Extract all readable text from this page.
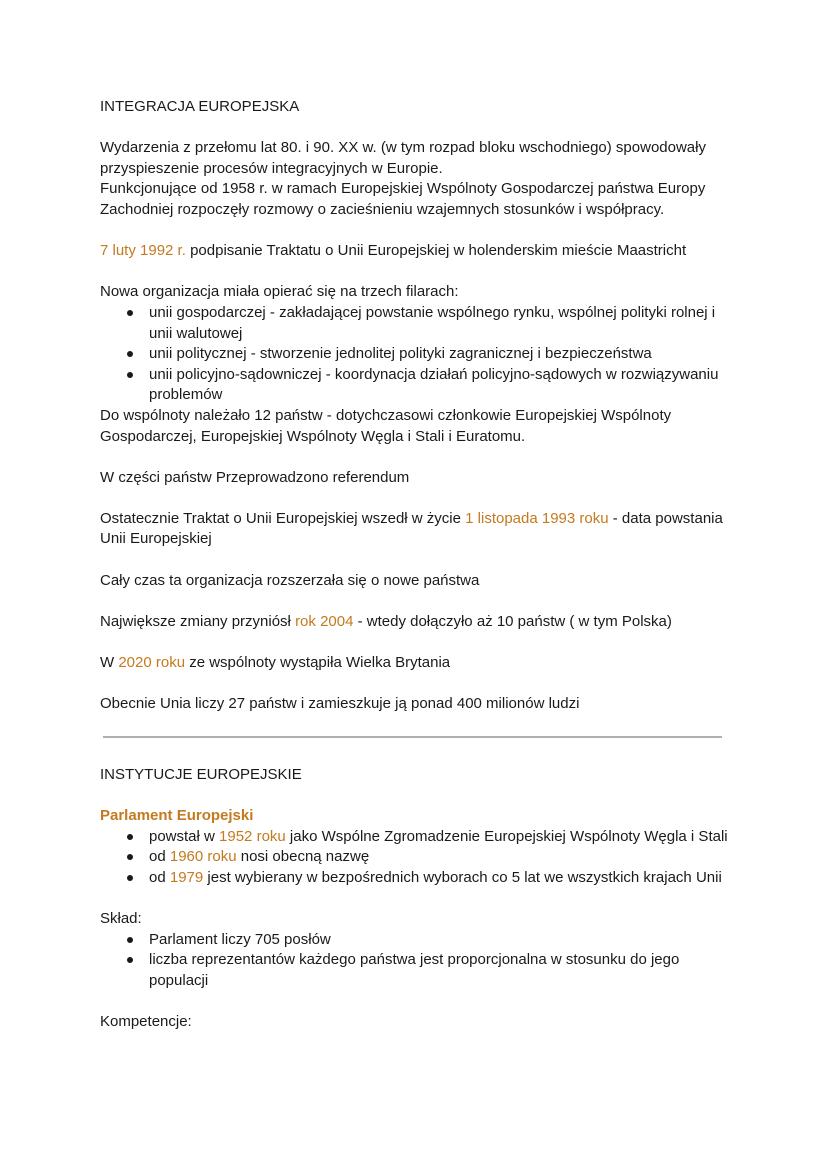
INTEGRACJA EUROPEJSKA

Wydarzenia z przełomu lat 80. i 90. XX w. (w tym rozpad bloku wschodniego) spowodowały przyspieszenie procesów integracyjnych w Europie.

Funkcjonujące od 1958 r. w ramach Europejskiej Wspólnoty Gospodarczej państwa Europy Zachodniej rozpoczęły rozmowy o zacieśnieniu wzajemnych stosunków i współpracy.

7 luty 1992 r. podpisanie Traktatu o Unii Europejskiej w holenderskim mieście Maastricht

Nowa organizacja miała opierać się na trzech filarach:

unii gospodarczej - zakładającej powstanie wspólnego rynku, wspólnej polityki rolnej i unii walutowej
unii politycznej - stworzenie jednolitej polityki zagranicznej i bezpieczeństwa
unii policyjno-sądowniczej - koordynacja działań policyjno-sądowych w rozwiązywaniu problemów

Do wspólnoty należało 12 państw - dotychczasowi członkowie Europejskiej Wspólnoty Gospodarczej, Europejskiej Wspólnoty Węgla i Stali i Euratomu.

W części państw Przeprowadzono referendum

Ostatecznie Traktat o Unii Europejskiej wszedł w życie 1 listopada 1993 roku - data powstania Unii Europejskiej

Cały czas ta organizacja rozszerzała się o nowe państwa

Największe zmiany przyniósł rok 2004 - wtedy dołączyło aż 10 państw ( w tym Polska)

W 2020 roku ze wspólnoty wystąpiła Wielka Brytania

Obecnie Unia liczy 27 państw i zamieszkuje ją ponad 400 milionów ludzi

INSTYTUCJE EUROPEJSKIE

Parlament Europejski

powstał w 1952 roku jako Wspólne Zgromadzenie Europejskiej Wspólnoty Węgla i Stali
od 1960 roku nosi obecną nazwę
od 1979 jest wybierany w bezpośrednich wyborach co 5 lat we wszystkich krajach Unii

Skład:

Parlament liczy 705 posłów
liczba reprezentantów każdego państwa jest proporcjonalna w stosunku do jego populacji

Kompetencje:
